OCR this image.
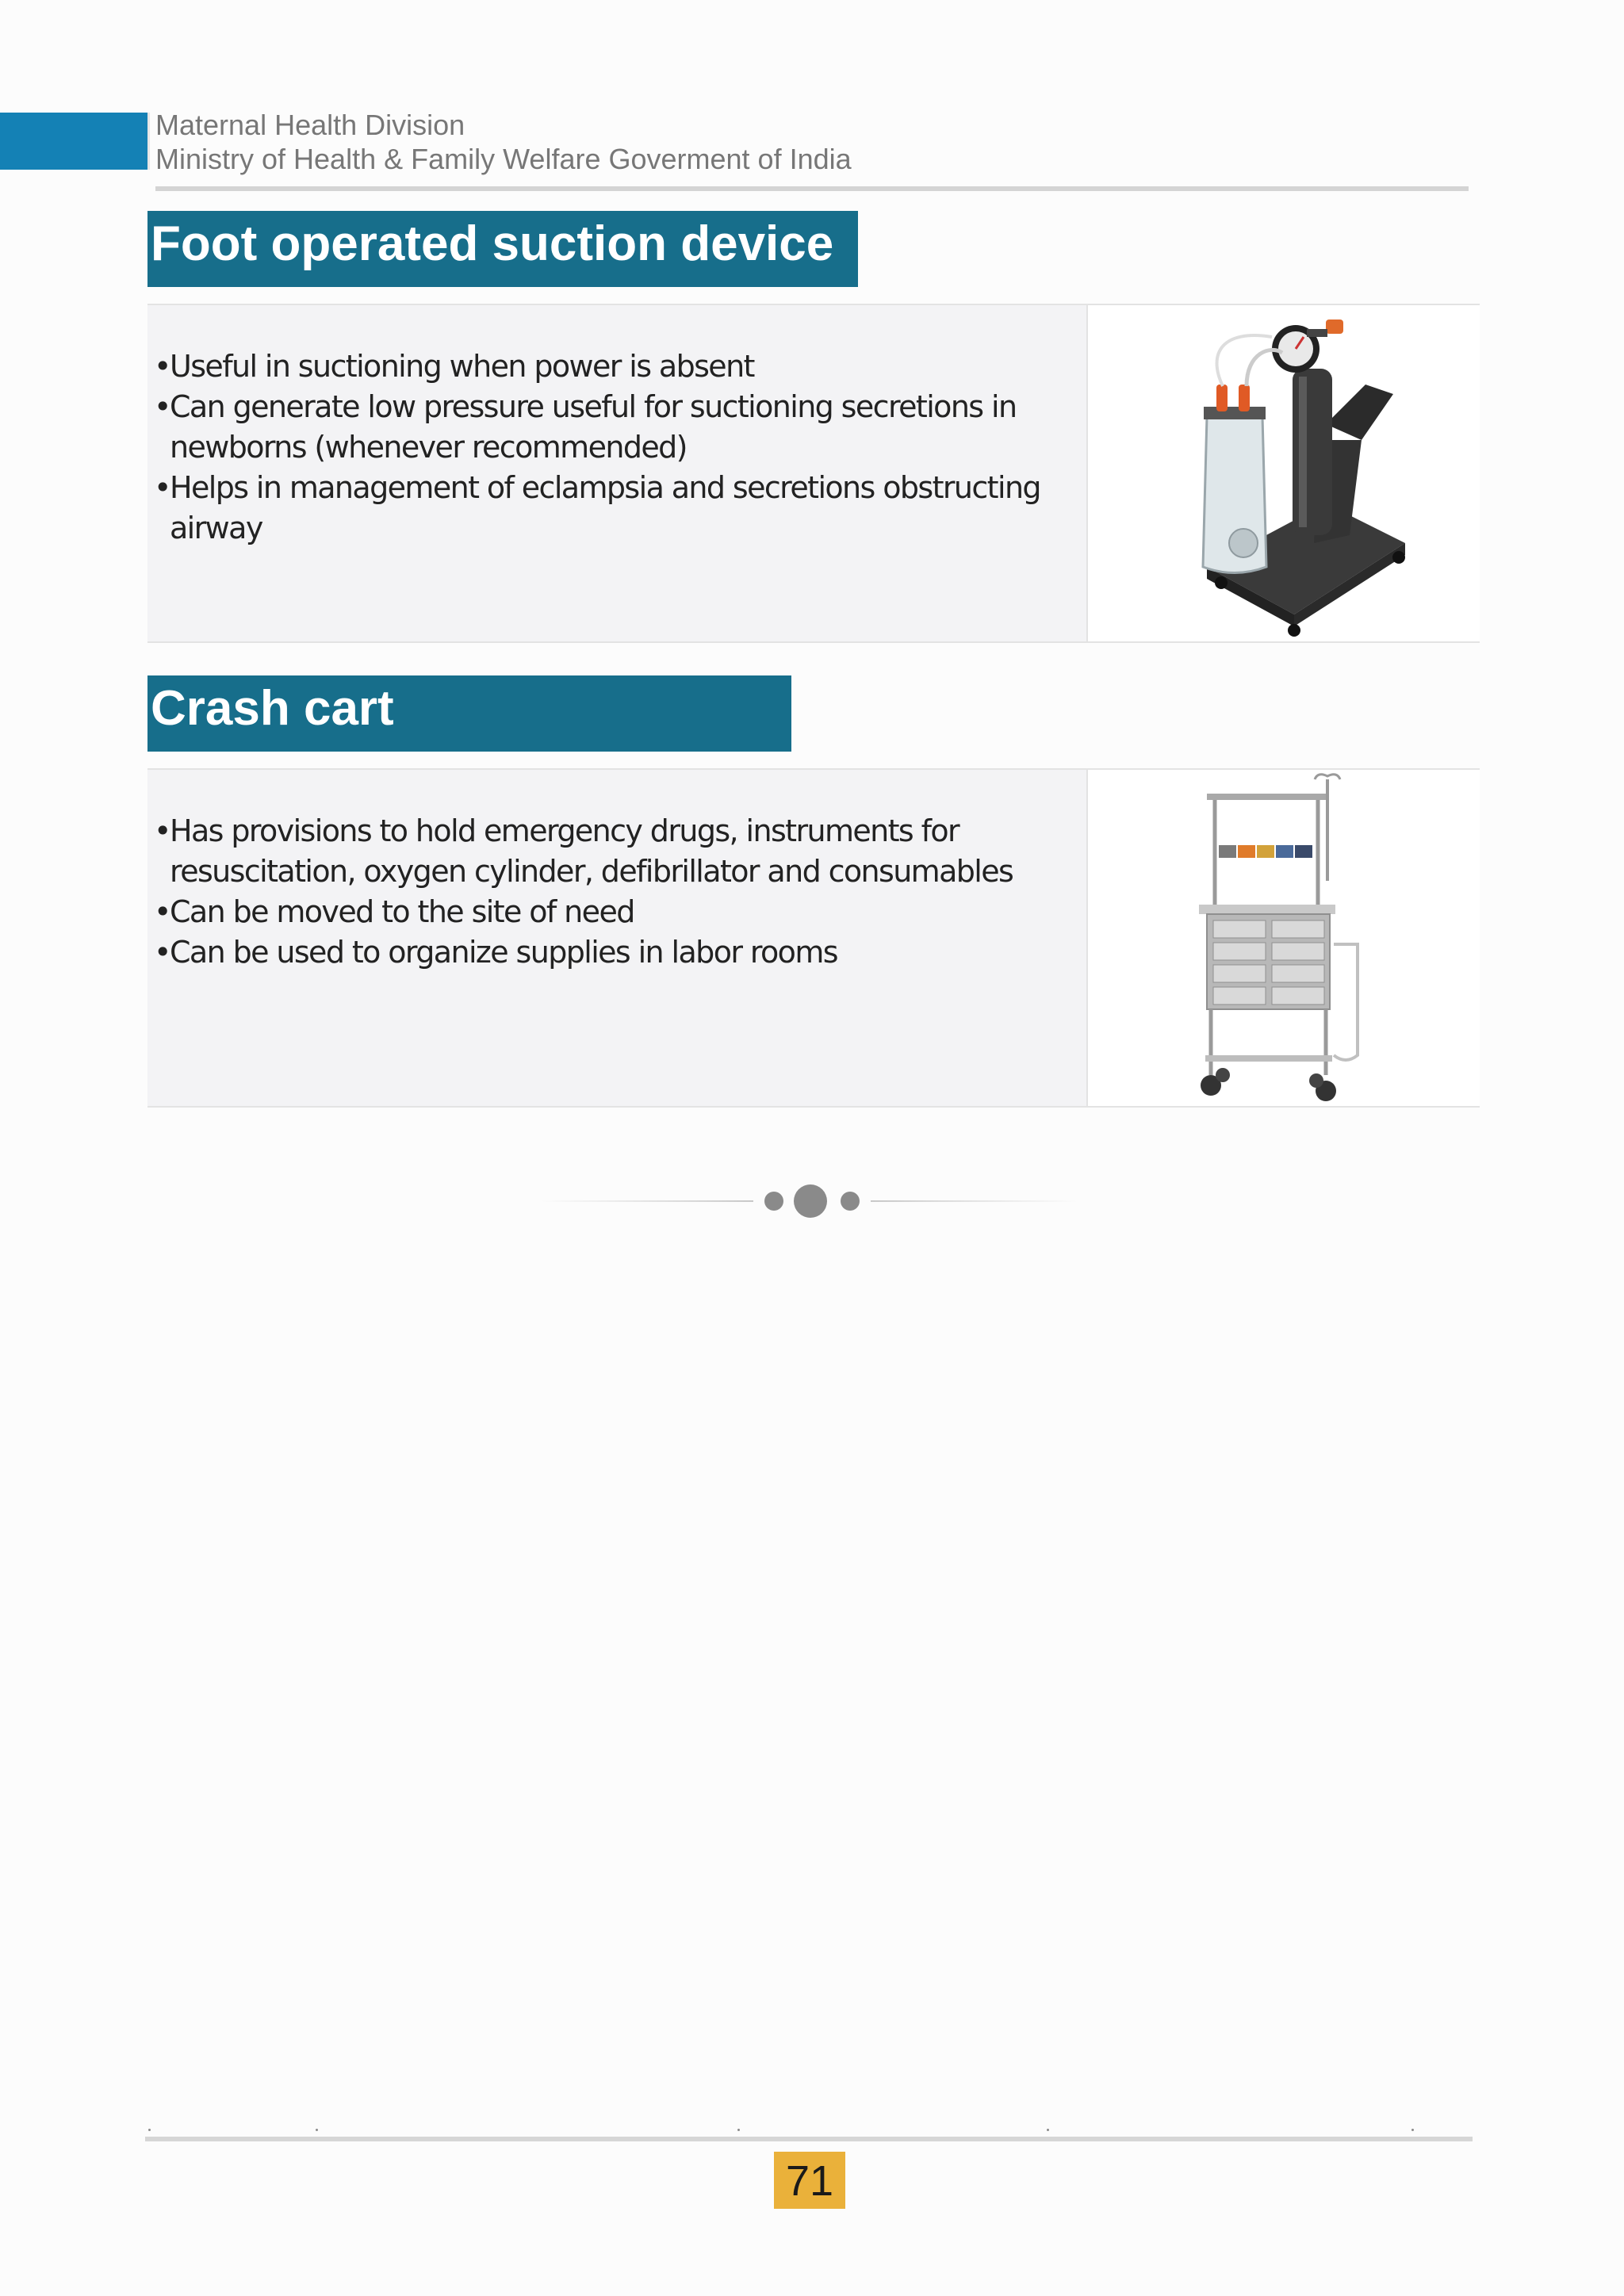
Maternal Health Division
Ministry of Health & Family Welfare Goverment of India
Foot operated suction device
• Useful in suctioning when power is absent
• Can generate low pressure useful for suctioning secretions in newborns (whenever recommended)
• Helps in management of eclampsia and secretions obstructing airway
Crash cart
• Has provisions to hold emergency drugs, instruments for resuscitation, oxygen cylinder, defibrillator and consumables
• Can be moved to the site of need
• Can be used to organize supplies in labor rooms
71
